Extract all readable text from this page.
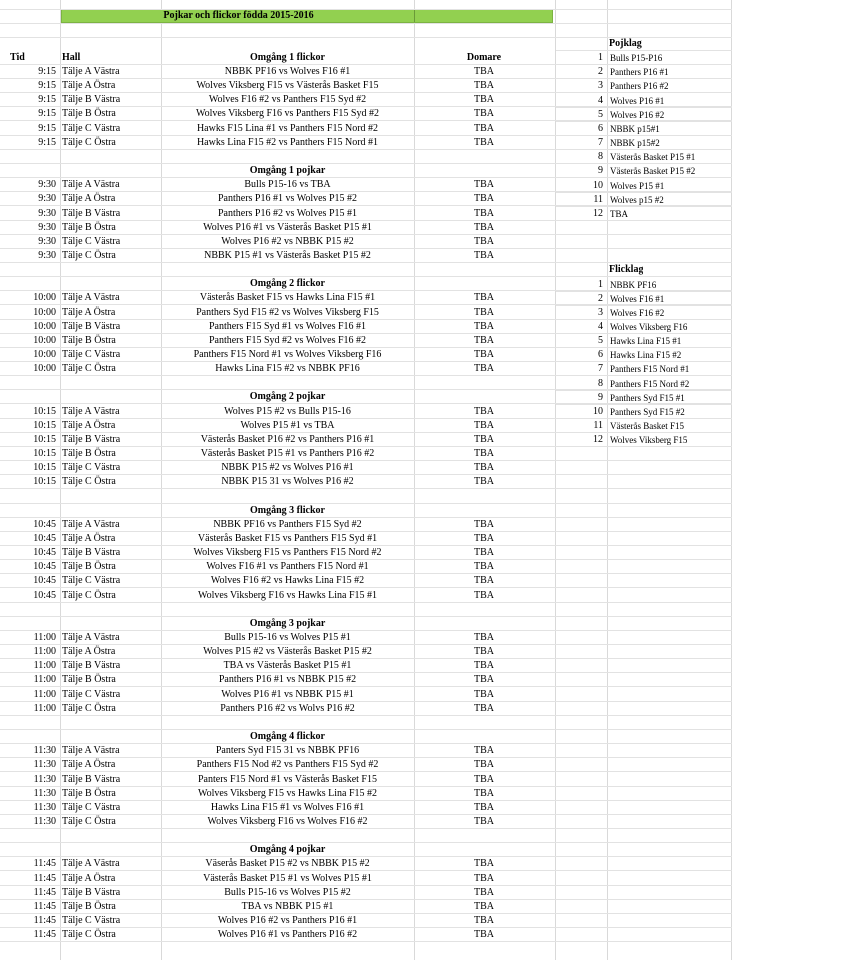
Pojkar och flickor födda 2015-2016
Tid	Hall	Omgång 1 flickor	Domare
9:15 Tälje A Västra	NBBK PF16 vs Wolves F16 #1	TBA
9:15 Tälje A Östra	Wolves Viksberg F15 vs Västerås Basket F15	TBA
9:15 Tälje B Västra	Wolves F16 #2 vs Panthers F15 Syd #2	TBA
9:15 Tälje B Östra	Wolves Viksberg F16 vs Panthers F15 Syd #2	TBA
9:15 Tälje C Västra	Hawks F15 Lina #1 vs Panthers F15 Nord #2	TBA
9:15 Tälje C Östra	Hawks Lina F15 #2 vs Panthers F15 Nord #1	TBA
Omgång 1 pojkar
9:30 Tälje A Västra	Bulls P15-16 vs TBA	TBA
9:30 Tälje A Östra	Panthers P16 #1 vs Wolves P15 #2	TBA
9:30 Tälje B Västra	Panthers P16 #2 vs Wolves P15 #1	TBA
9:30 Tälje B Östra	Wolves P16 #1 vs Västerås Basket P15 #1	TBA
9:30 Tälje C Västra	Wolves P16 #2 vs NBBK P15 #2	TBA
9:30 Tälje C Östra	NBBK P15 #1 vs Västerås Basket P15 #2	TBA
Omgång 2 flickor
10:00 Tälje A Västra	Västerås Basket F15 vs Hawks Lina F15 #1	TBA
10:00 Tälje A Östra	Panthers Syd F15 #2 vs Wolves Viksberg F15	TBA
10:00 Tälje B Västra	Panthers F15 Syd #1 vs Wolves F16 #1	TBA
10:00 Tälje B Östra	Panthers F15 Syd #2 vs Wolves F16 #2	TBA
10:00 Tälje C Västra	Panthers F15 Nord #1 vs Wolves Viksberg F16	TBA
10:00 Tälje C Östra	Hawks Lina F15 #2 vs NBBK PF16	TBA
Omgång 2 pojkar
10:15 Tälje A Västra	Wolves P15 #2 vs Bulls P15-16	TBA
10:15 Tälje A Östra	Wolves P15 #1 vs TBA	TBA
10:15 Tälje B Västra	Västerås Basket P16 #2 vs Panthers P16 #1	TBA
10:15 Tälje B Östra	Västerås Basket P15 #1 vs Panthers P16 #2	TBA
10:15 Tälje C Västra	NBBK P15 #2 vs Wolves P16 #1	TBA
10:15 Tälje C Östra	NBBK P15 31 vs Wolves P16 #2	TBA
Omgång 3 flickor
10:45 Tälje A Västra	NBBK PF16 vs Panthers F15 Syd #2	TBA
10:45 Tälje A Östra	Västerås Basket F15 vs Panthers F15 Syd #1	TBA
10:45 Tälje B Västra	Wolves Viksberg F15 vs Panthers F15 Nord #2	TBA
10:45 Tälje B Östra	Wolves F16 #1 vs Panthers F15 Nord #1	TBA
10:45 Tälje C Västra	Wolves F16 #2 vs Hawks Lina F15 #2	TBA
10:45 Tälje C Östra	Wolves Viksberg F16 vs Hawks Lina F15 #1	TBA
Omgång 3 pojkar
11:00 Tälje A Västra	Bulls P15-16 vs Wolves P15 #1	TBA
11:00 Tälje A Östra	Wolves P15 #2 vs Västerås Basket P15 #2	TBA
11:00 Tälje B Västra	TBA vs Västerås Basket P15 #1	TBA
11:00 Tälje B Östra	Panthers P16 #1 vs NBBK P15 #2	TBA
11:00 Tälje C Västra	Wolves P16 #1 vs NBBK P15 #1	TBA
11:00 Tälje C Östra	Panthers P16 #2 vs Wolvs P16 #2	TBA
Omgång 4 flickor
11:30 Tälje A Västra	Panters Syd F15 31 vs NBBK PF16	TBA
11:30 Tälje A Östra	Panthers F15 Nod #2 vs Panthers F15 Syd #2	TBA
11:30 Tälje B Västra	Panters F15 Nord #1 vs Västerås Basket F15	TBA
11:30 Tälje B Östra	Wolves Viksberg F15 vs Hawks Lina F15 #2	TBA
11:30 Tälje C Västra	Hawks Lina F15 #1 vs Wolves F16 #1	TBA
11:30 Tälje C Östra	Wolves Viksberg F16 vs Wolves F16 #2	TBA
Omgång 4 pojkar
11:45 Tälje A Västra	Väserås Basket P15 #2 vs NBBK P15 #2	TBA
11:45 Tälje A Östra	Västerås Basket P15 #1 vs Wolves P15 #1	TBA
11:45 Tälje B Västra	Bulls P15-16 vs Wolves P15 #2	TBA
11:45 Tälje B Östra	TBA vs NBBK P15 #1	TBA
11:45 Tälje C Västra	Wolves P16 #2 vs Panthers P16 #1	TBA
11:45 Tälje C Östra	Wolves P16 #1 vs Panthers P16 #2	TBA
Pojklag
1 Bulls P15-P16
2 Panthers P16 #1
3 Panthers P16 #2
4 Wolves P16 #1
5 Wolves P16 #2
6 NBBK p15#1
7 NBBK p15#2
8 Västerås Basket P15 #1
9 Västerås Basket P15 #2
10 Wolves P15 #1
11 Wolves p15 #2
12 TBA
Flicklag
1 NBBK PF16
2 Wolves F16 #1
3 Wolves F16 #2
4 Wolves Viksberg F16
5 Hawks Lina F15 #1
6 Hawks Lina F15 #2
7 Panthers F15 Nord #1
8 Panthers F15 Nord #2
9 Panthers Syd F15 #1
10 Panthers Syd F15 #2
11 Västerås Basket F15
12 Wolves Viksberg F15
